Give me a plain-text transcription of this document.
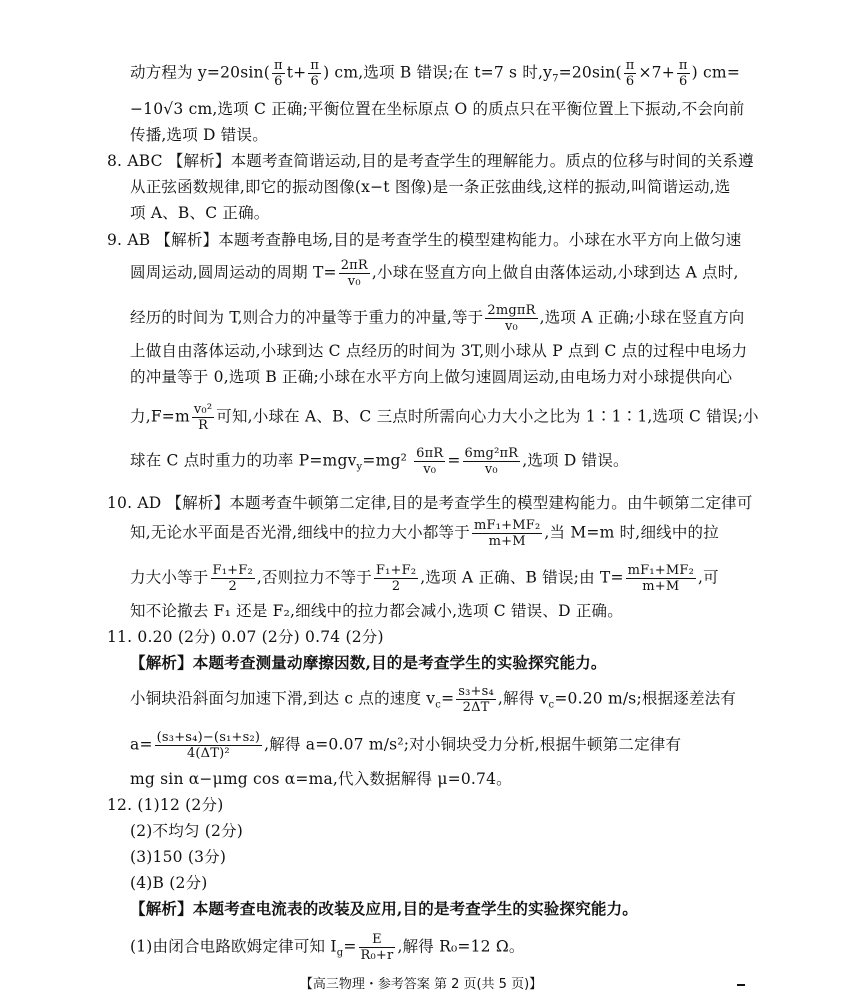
动方程为 $y=20\sin( \frac{\pi}{6} t+ \frac{\pi}{6}$ ) cm,选项 B 错误;在 t=7 s 时$,y_7=20\sin( \frac{\pi}{6} \times 7+ \frac{\pi}{6}$ ) cm=
−10√3 cm,选项 C 正确;平衡位置在坐标原点 O 的质点只在平衡位置上下振动,不会向前
传播,选项 D 错误。
8. ABC 【解析】本题考查简谐运动,目的是考查学生的理解能力。质点的位移与时间的关系遵
从正弦函数规律,即它的振动图像(x−t 图像)是一条正弦曲线,这样的振动,叫简谐运动,选
项 A、B、C 正确。
9. AB 【解析】本题考查静电场,目的是考查学生的模型建构能力。小球在水平方向上做匀速
圆周运动,圆周运动的周期 $T= \frac{2\pi R}{\text{v₀}}$ ,小球在竖直方向上做自由落体运动,小球到达 A 点时,
经历的时间为 T,则合力的冲量等于重力的冲量,等于 $\frac{\text{2mgπR}}{\text{v₀}}$ ,选项 A 正确;小球在竖直方向
上做自由落体运动,小球到达 C 点经历的时间为 3T,则小球从 P 点到 C 点的过程中电场力
的冲量等于 0,选项 B 正确;小球在水平方向上做匀速圆周运动,由电场力对小球提供向心
力$,F=m \frac{\text{v₀²}}{R}$ 可知,小球在 A、B、C 三点时所需向心力大小之比为 1∶1∶1,选项 C 错误;小
球在 C 点时重力的功率 $P=mgv_y=mg^2 \frac{6\pi R}{\text{v₀}} = \frac{\text{6mg²πR}}{\text{v₀}}$ ,选项 D 错误。
10. AD 【解析】本题考查牛顿第二定律,目的是考查学生的模型建构能力。由牛顿第二定律可
知,无论水平面是否光滑,细线中的拉力大小都等于 $\frac{\text{mF₁+MF₂}}{m+M}$ ,当 M=m 时,细线中的拉
力大小等于 $\frac{\text{F₁+F₂}}{2}$ ,否则拉力不等于 $\frac{\text{F₁+F₂}}{2}$ ,选项 A 正确、B 错误;由 $T= \frac{\text{mF₁+MF₂}}{m+M}$ ,可
知不论撤去 F₁ 还是 F₂,细线中的拉力都会减小,选项 C 错误、D 正确。
11. 0.20 (2分) 0.07 (2分) 0.74 (2分)
【解析】本题考查测量动摩擦因数,目的是考查学生的实验探究能力。
小铜块沿斜面匀加速下滑,到达 c 点的速度 $v_c= \frac{\text{s₃+s₄}}{2\Delta T}$ ,解得 $v_c=0.20$ m/s;根据逐差法有
$a= \frac{\text{(s₃+s₄)−(s₁+s₂)}}{\text{4(ΔT)²}}$ ,解得 a=0.07 m/s²;对小铜块受力分析,根据牛顿第二定律有
mg sin α−μmg cos α=ma,代入数据解得 μ=0.74。
12. (1)12 (2分)
(2)不均匀 (2分)
(3)150 (3分)
(4)B (2分)
【解析】本题考查电流表的改装及应用,目的是考查学生的实验探究能力。
(1)由闭合电路欧姆定律可知 $I_g= \frac{E}{\text{R₀+r}}$ ,解得 R₀=12 Ω。
【高三物理・参考答案 第 2 页(共 5 页)】
